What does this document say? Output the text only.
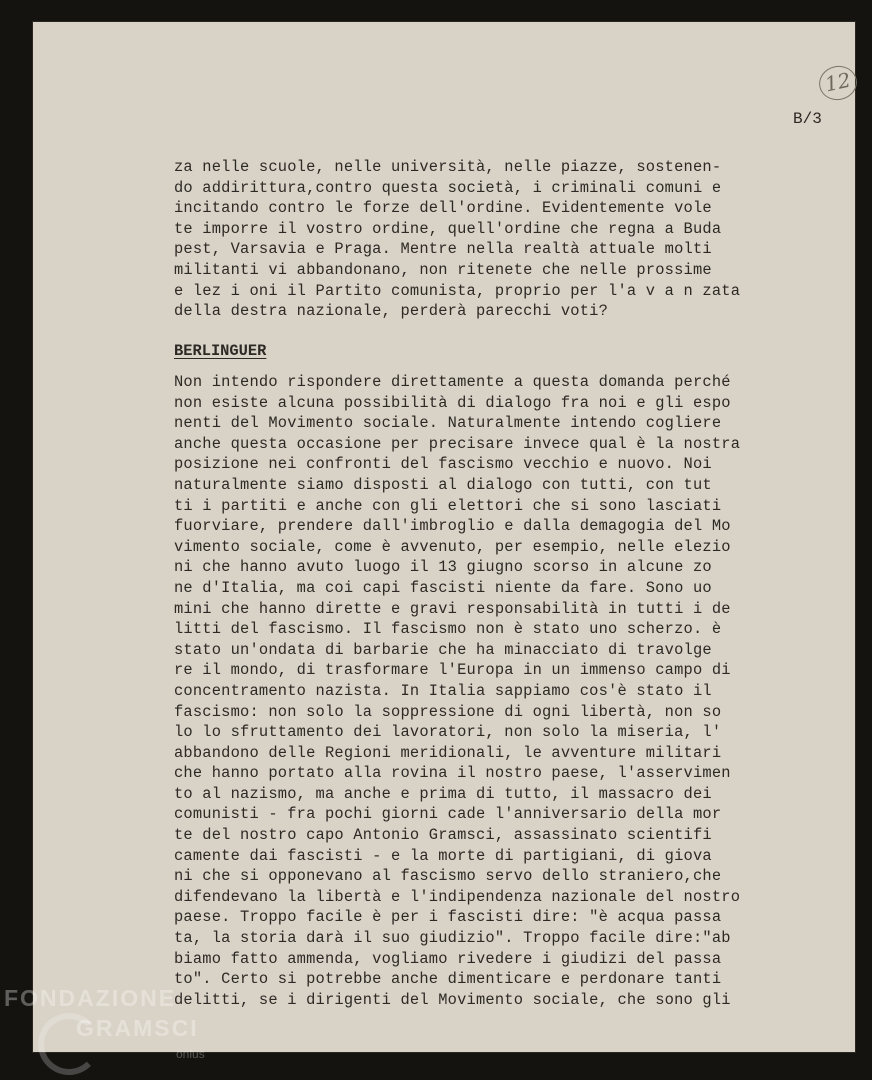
12
B/3
za nelle scuole, nelle università, nelle piazze, sostenen-
do addirittura,contro questa società, i criminali comuni e
incitando contro le forze dell'ordine. Evidentemente vole
te imporre il vostro ordine, quell'ordine che regna a Buda
pest, Varsavia e Praga. Mentre nella realtà attuale molti
militanti vi abbandonano, non ritenete che nelle prossime
e lez i oni il Partito comunista, proprio per l'a v a n zata
della destra nazionale, perderà parecchi voti?
BERLINGUER
Non intendo rispondere direttamente a questa domanda perché
non esiste alcuna possibilità di dialogo fra noi e gli espo
nenti del Movimento sociale. Naturalmente intendo cogliere
anche questa occasione per precisare invece qual è la nostra
posizione nei confronti del fascismo vecchio e nuovo. Noi
naturalmente siamo disposti al dialogo con tutti, con tut
ti i partiti e anche con gli elettori che si sono lasciati
fuorviare, prendere dall'imbroglio e dalla demagogia del Mo
vimento sociale, come è avvenuto, per esempio, nelle elezio
ni che hanno avuto luogo il 13 giugno scorso in alcune zo
ne d'Italia, ma coi capi fascisti niente da fare. Sono uo
mini che hanno dirette e gravi responsabilità in tutti i de
litti del fascismo. Il fascismo non è stato uno scherzo. è
stato un'ondata di barbarie che ha minacciato di travolge
re il mondo, di trasformare l'Europa in un immenso campo di
concentramento nazista. In Italia sappiamo cos'è stato il
fascismo: non solo la soppressione di ogni libertà, non so
lo lo sfruttamento dei lavoratori, non solo la miseria, l'
abbandono delle Regioni meridionali, le avventure militari
che hanno portato alla rovina il nostro paese, l'asservimen
to al nazismo, ma anche e prima di tutto, il massacro dei
comunisti - fra pochi giorni cade l'anniversario della mor
te del nostro capo Antonio Gramsci, assassinato scientifi
camente dai fascisti - e la morte di partigiani, di giova
ni che si opponevano al fascismo servo dello straniero,che
difendevano la libertà e l'indipendenza nazionale del nostro
paese. Troppo facile è per i fascisti dire: "è acqua passa
ta, la storia darà il suo giudizio". Troppo facile dire:"ab
biamo fatto ammenda, vogliamo rivedere i giudizi del passa
to". Certo si potrebbe anche dimenticare e perdonare tanti
delitti, se i dirigenti del Movimento sociale, che sono gli
FONDAZIONE
GRAMSCI
onlus
